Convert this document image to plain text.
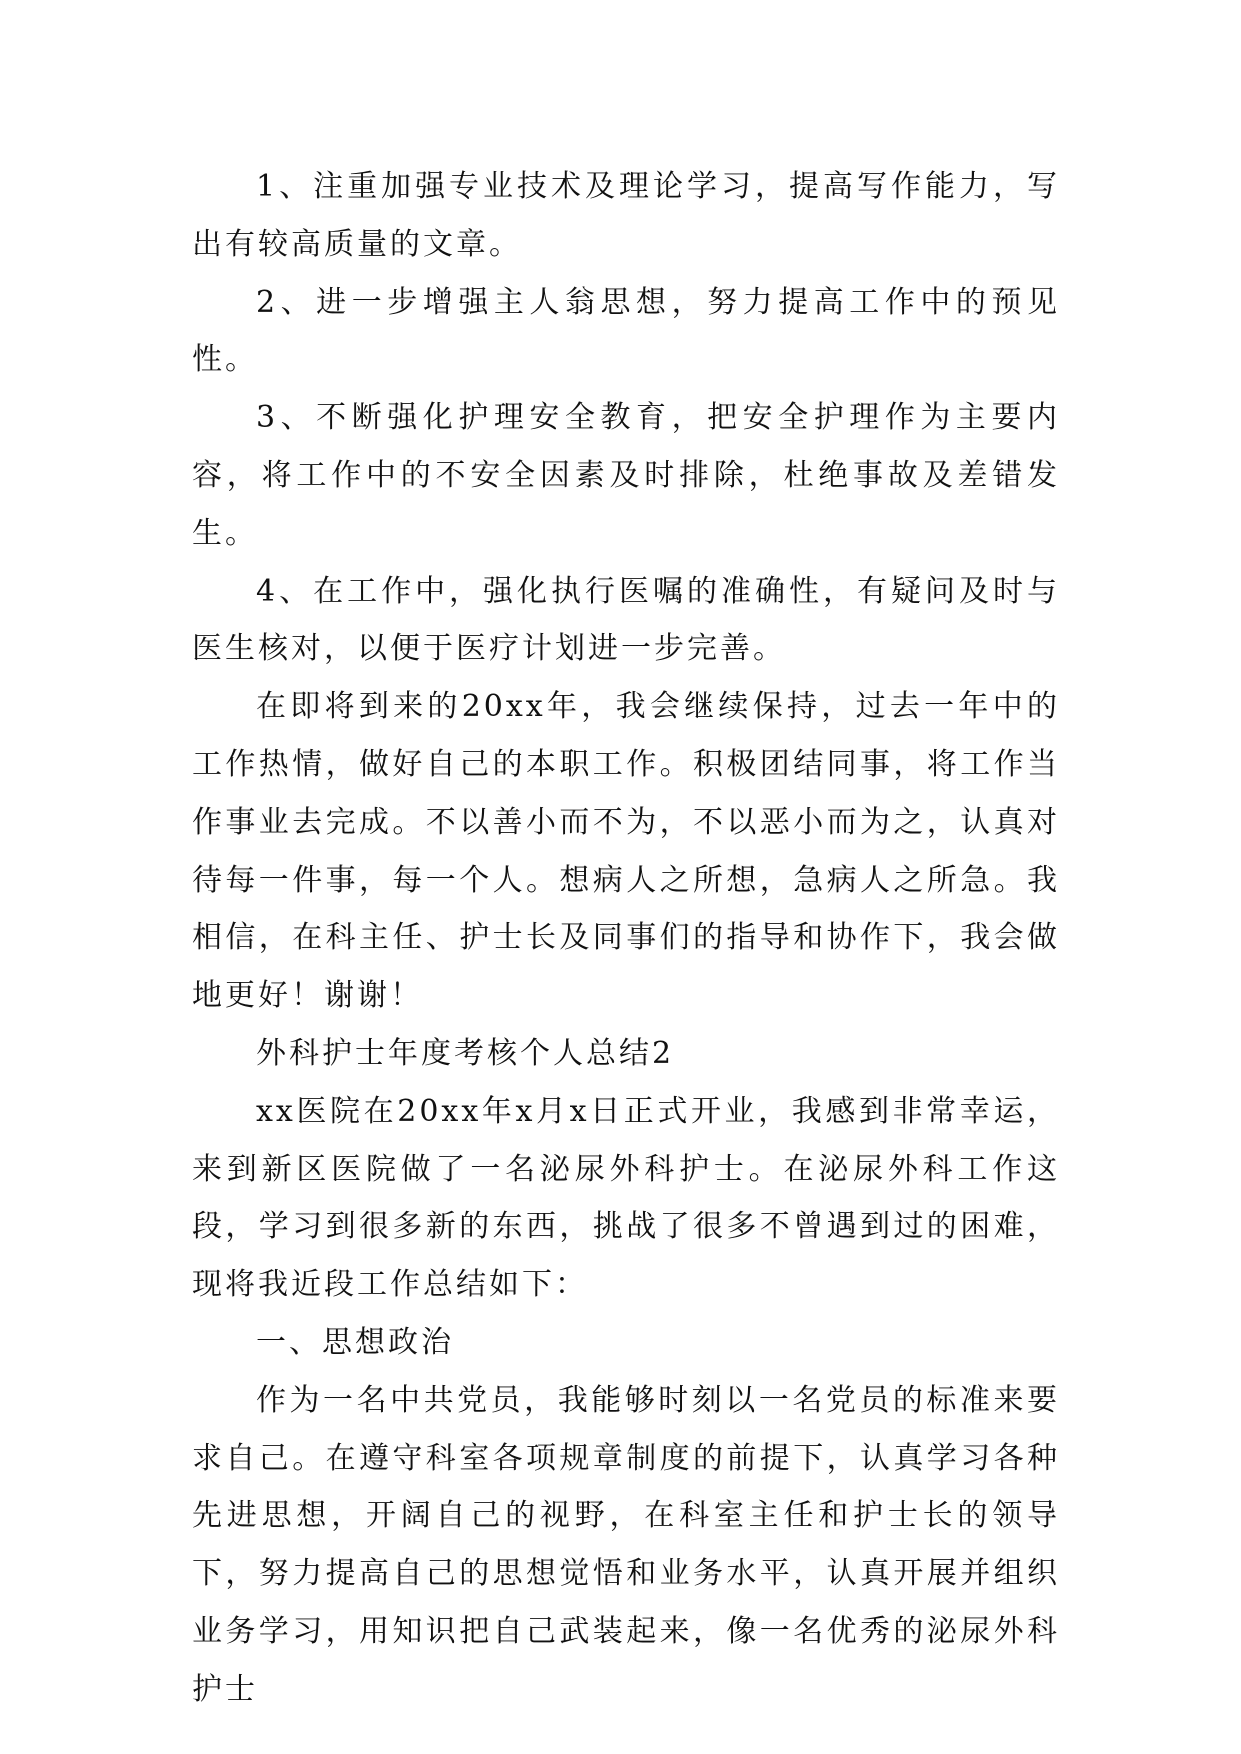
1、注重加强专业技术及理论学习，提高写作能力，写出有较高质量的文章。

2、进一步增强主人翁思想，努力提高工作中的预见性。

3、不断强化护理安全教育，把安全护理作为主要内容，将工作中的不安全因素及时排除，杜绝事故及差错发生。

4、在工作中，强化执行医嘱的准确性，有疑问及时与医生核对，以便于医疗计划进一步完善。

在即将到来的20xx年，我会继续保持，过去一年中的工作热情，做好自己的本职工作。积极团结同事，将工作当作事业去完成。不以善小而不为，不以恶小而为之，认真对待每一件事，每一个人。想病人之所想，急病人之所急。我相信，在科主任、护士长及同事们的指导和协作下，我会做地更好！谢谢！

外科护士年度考核个人总结2

xx医院在20xx年x月x日正式开业，我感到非常幸运，来到新区医院做了一名泌尿外科护士。在泌尿外科工作这段，学习到很多新的东西，挑战了很多不曾遇到过的困难，现将我近段工作总结如下：

一、思想政治

作为一名中共党员，我能够时刻以一名党员的标准来要求自己。在遵守科室各项规章制度的前提下，认真学习各种先进思想，开阔自己的视野，在科室主任和护士长的领导下，努力提高自己的思想觉悟和业务水平，认真开展并组织业务学习，用知识把自己武装起来，像一名优秀的泌尿外科护士
